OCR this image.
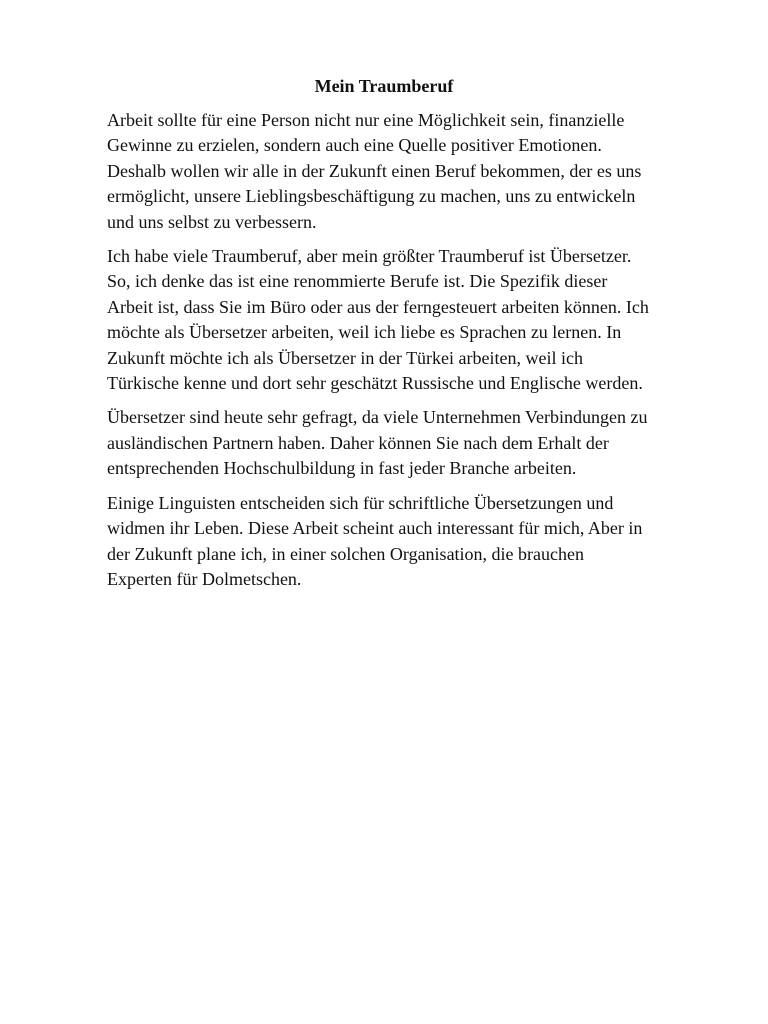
Mein Traumberuf

Arbeit sollte für eine Person nicht nur eine Möglichkeit sein, finanzielle
Gewinne zu erzielen, sondern auch eine Quelle positiver Emotionen.
Deshalb wollen wir alle in der Zukunft einen Beruf bekommen, der es uns
ermöglicht, unsere Lieblingsbeschäftigung zu machen, uns zu entwickeln
und uns selbst zu verbessern.

Ich habe viele Traumberuf, aber mein größter Traumberuf ist Übersetzer.
So, ich denke das ist eine renommierte Berufe ist. Die Spezifik dieser
Arbeit ist, dass Sie im Büro oder aus der ferngesteuert arbeiten können. Ich
möchte als Übersetzer arbeiten, weil ich liebe es Sprachen zu lernen. In
Zukunft möchte ich als Übersetzer in der Türkei arbeiten, weil ich
Türkische kenne und dort sehr geschätzt Russische und Englische werden.

Übersetzer sind heute sehr gefragt, da viele Unternehmen Verbindungen zu
ausländischen Partnern haben. Daher können Sie nach dem Erhalt der
entsprechenden Hochschulbildung in fast jeder Branche arbeiten.

Einige Linguisten entscheiden sich für schriftliche Übersetzungen und
widmen ihr Leben. Diese Arbeit scheint auch interessant für mich, Aber in
der Zukunft plane ich, in einer solchen Organisation, die brauchen
Experten für Dolmetschen.
